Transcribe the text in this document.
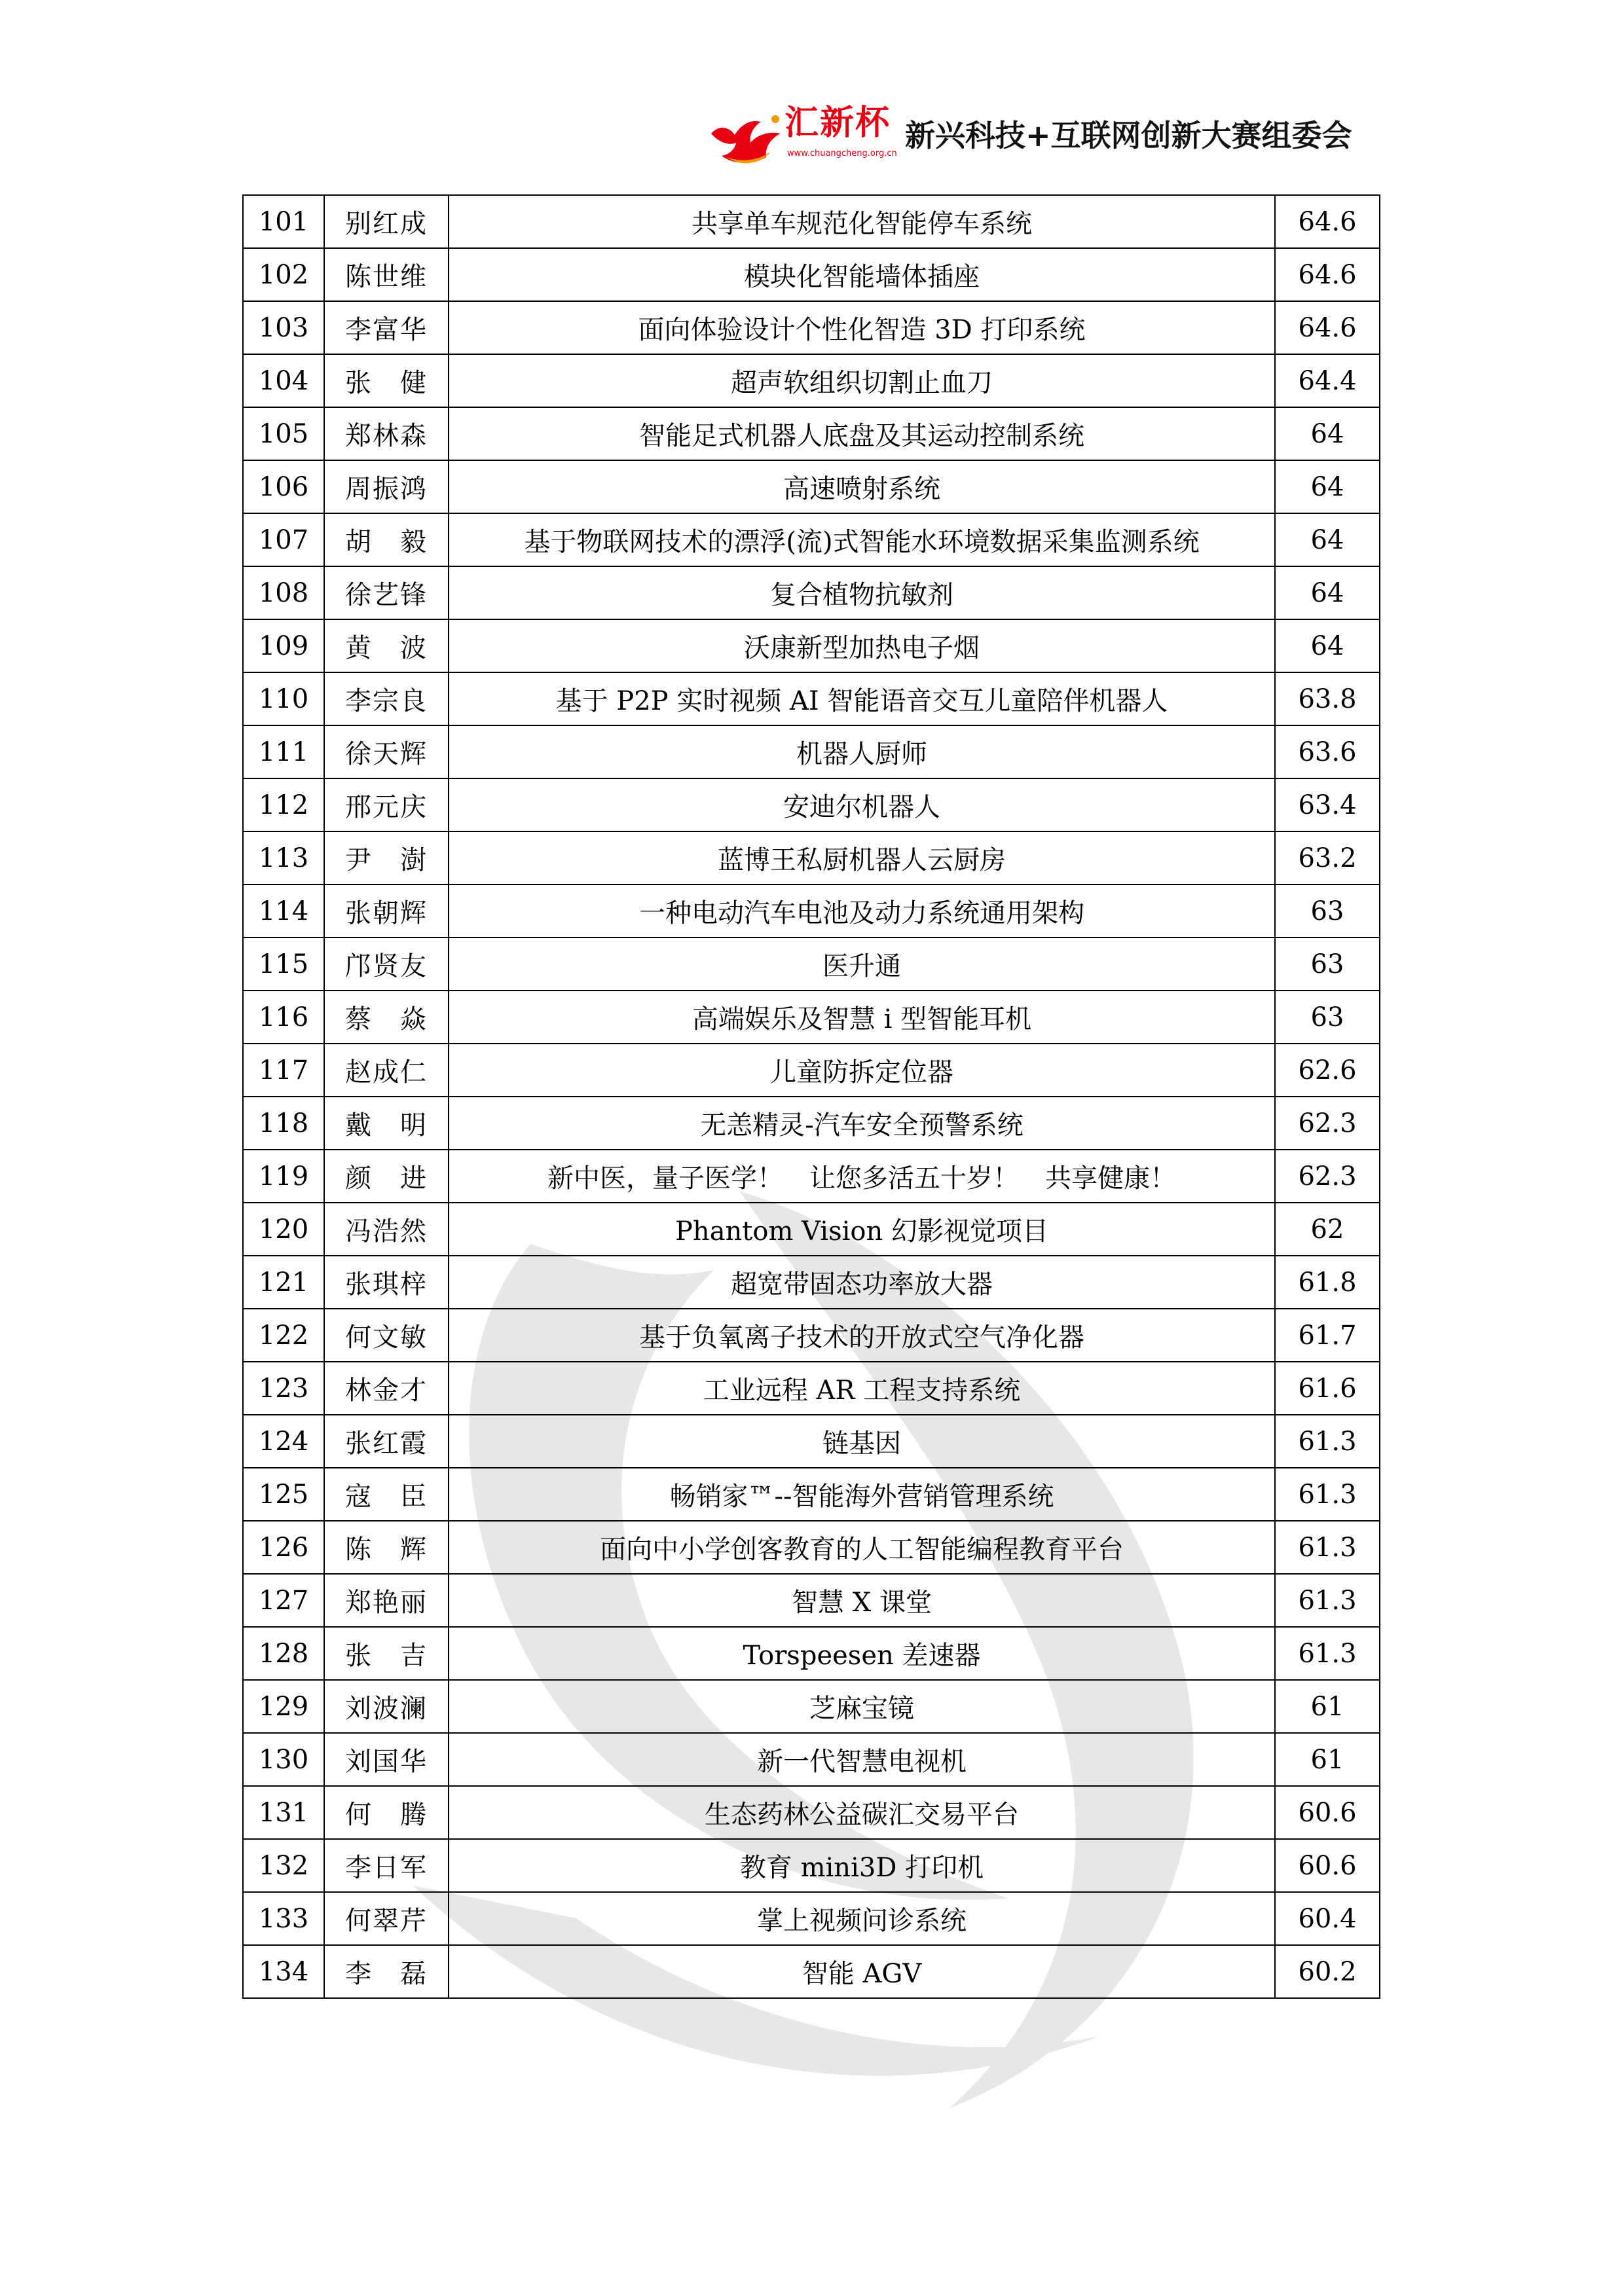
汇新杯
www.chuangcheng.org.cn
新兴科技+互联网创新大赛组委会
101	别红成	共享单车规范化智能停车系统	64.6
102	陈世维	模块化智能墙体插座	64.6
103	李富华	面向体验设计个性化智造 3D 打印系统	64.6
104	张　健	超声软组织切割止血刀	64.4
105	郑林森	智能足式机器人底盘及其运动控制系统	64
106	周振鸿	高速喷射系统	64
107	胡　毅	基于物联网技术的漂浮(流)式智能水环境数据采集监测系统	64
108	徐艺锋	复合植物抗敏剂	64
109	黄　波	沃康新型加热电子烟	64
110	李宗良	基于 P2P 实时视频 AI 智能语音交互儿童陪伴机器人	63.8
111	徐天辉	机器人厨师	63.6
112	邢元庆	安迪尔机器人	63.4
113	尹　澍	蓝博王私厨机器人云厨房	63.2
114	张朝辉	一种电动汽车电池及动力系统通用架构	63
115	邝贤友	医升通	63
116	蔡　焱	高端娱乐及智慧 i 型智能耳机	63
117	赵成仁	儿童防拆定位器	62.6
118	戴　明	无恙精灵-汽车安全预警系统	62.3
119	颜　进	新中医，量子医学！　让您多活五十岁！　共享健康！	62.3
120	冯浩然	Phantom Vision 幻影视觉项目	62
121	张琪梓	超宽带固态功率放大器	61.8
122	何文敏	基于负氧离子技术的开放式空气净化器	61.7
123	林金才	工业远程 AR 工程支持系统	61.6
124	张红霞	链基因	61.3
125	寇　臣	畅销家™--智能海外营销管理系统	61.3
126	陈　辉	面向中小学创客教育的人工智能编程教育平台	61.3
127	郑艳丽	智慧 X 课堂	61.3
128	张　吉	Torspeesen 差速器	61.3
129	刘波澜	芝麻宝镜	61
130	刘国华	新一代智慧电视机	61
131	何　腾	生态药林公益碳汇交易平台	60.6
132	李日军	教育 mini3D 打印机	60.6
133	何翠芹	掌上视频问诊系统	60.4
134	李　磊	智能 AGV	60.2
